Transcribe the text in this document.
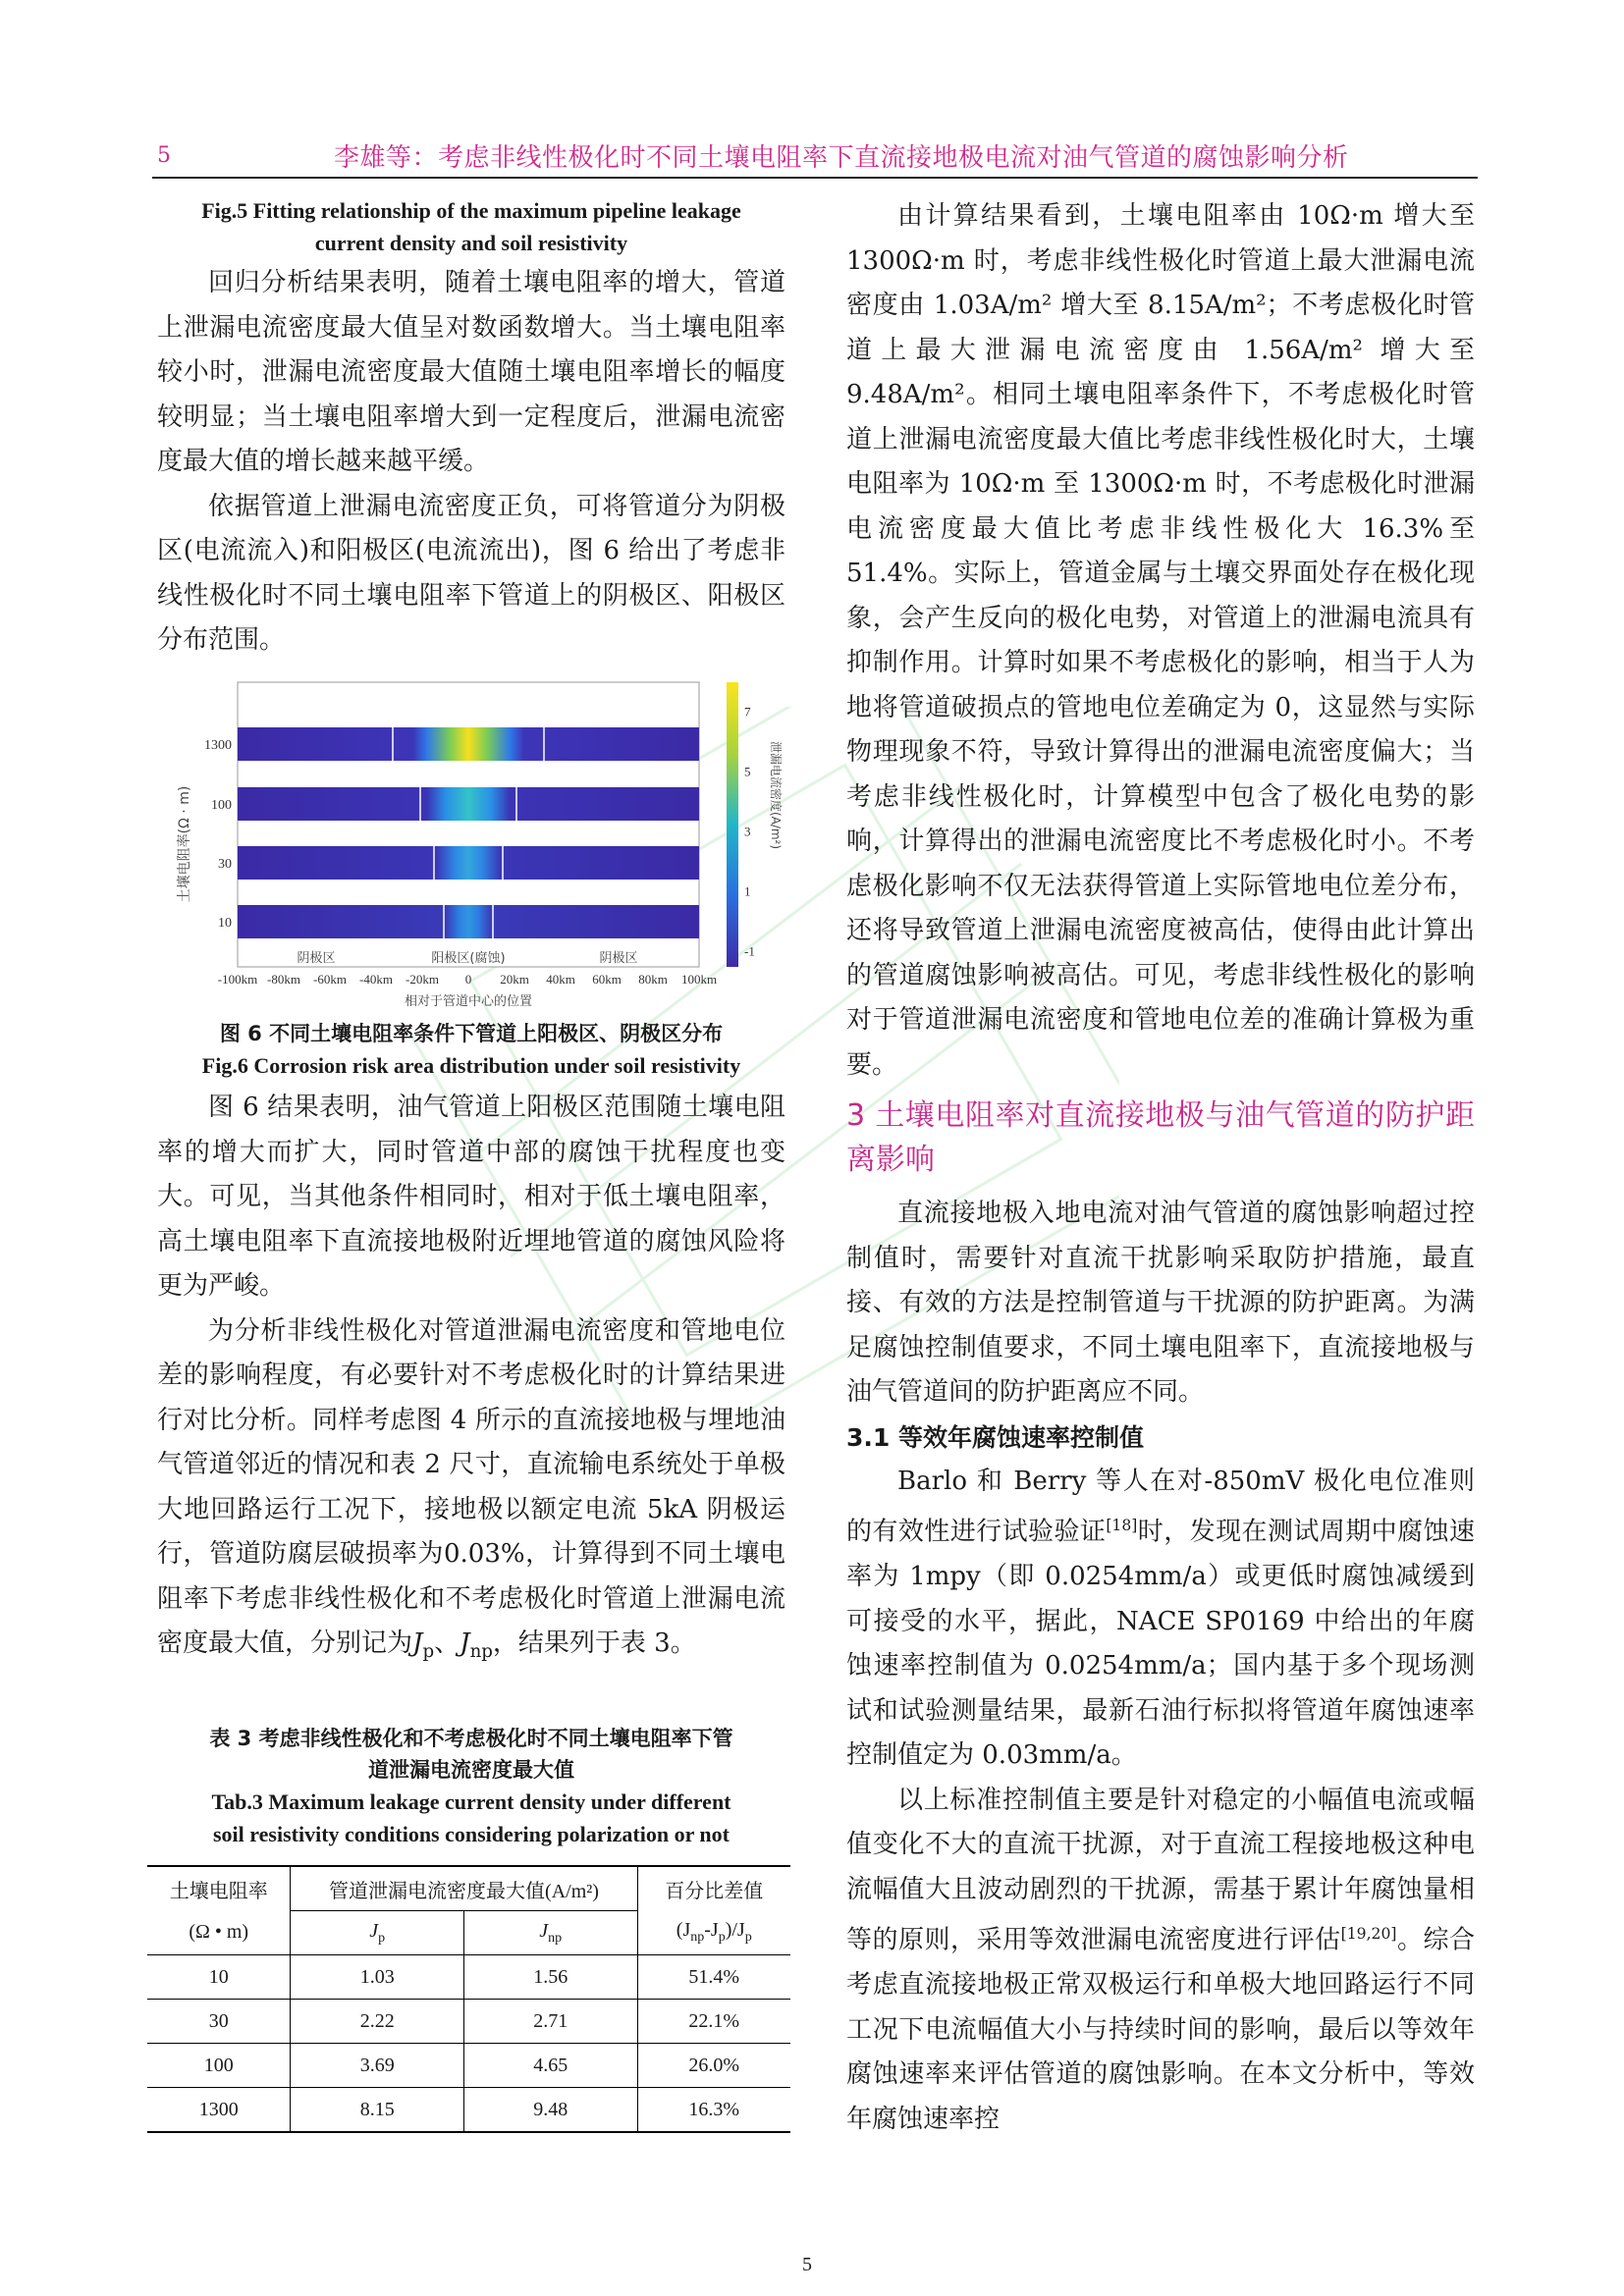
5	李雄等：考虑非线性极化时不同土壤电阻率下直流接地极电流对油气管道的腐蚀影响分析
Fig.5 Fitting relationship of the maximum pipeline leakage
current density and soil resistivity

回归分析结果表明，随着土壤电阻率的增大，管道上泄漏电流密度最大值呈对数函数增大。当土壤电阻率较小时，泄漏电流密度最大值随土壤电阻率增长的幅度较明显；当土壤电阻率增大到一定程度后，泄漏电流密度最大值的增长越来越平缓。

依据管道上泄漏电流密度正负，可将管道分为阴极区(电流流入)和阳极区(电流流出)，图 6 给出了考虑非线性极化时不同土壤电阻率下管道上的阴极区、阳极区分布范围。

1300
100
30
10
土壤电阻率(Ω · m)
阴极区	阳极区(腐蚀)	阴极区
-100km -80km -60km -40km -20km 0 20km 40km 60km 80km 100km
相对于管道中心的位置
7
5
3
1
-1
泄漏电流密度(A/m²)
图 6 不同土壤电阻率条件下管道上阳极区、阴极区分布
Fig.6 Corrosion risk area distribution under soil resistivity

图 6 结果表明，油气管道上阳极区范围随土壤电阻率的增大而扩大，同时管道中部的腐蚀干扰程度也变大。可见，当其他条件相同时，相对于低土壤电阻率，高土壤电阻率下直流接地极附近埋地管道的腐蚀风险将更为严峻。

为分析非线性极化对管道泄漏电流密度和管地电位差的影响程度，有必要针对不考虑极化时的计算结果进行对比分析。同样考虑图 4 所示的直流接地极与埋地油气管道邻近的情况和表 2 尺寸，直流输电系统处于单极大地回路运行工况下，接地极以额定电流 5kA 阴极运行，管道防腐层破损率为0.03%，计算得到不同土壤电阻率下考虑非线性极化和不考虑极化时管道上泄漏电流密度最大值，分别记为$J_p$、$J_{np}$，结果列于表 3。

表 3 考虑非线性极化和不考虑极化时不同土壤电阻率下管
道泄漏电流密度最大值
Tab.3 Maximum leakage current density under different
soil resistivity conditions considering polarization or not
土壤电阻率	管道泄漏电流密度最大值(A/m²)		百分比差值
(Ω • m)	$J_p$	$J_{np}$	$(J_{np}-J_p)/J_p$
10	1.03	1.56	51.4%
30	2.22	2.71	22.1%
100	3.69	4.65	26.0%
1300	8.15	9.48	16.3%

由计算结果看到，土壤电阻率由 10Ω·m 增大至 1300Ω·m 时，考虑非线性极化时管道上最大泄漏电流密度由 1.03A/m² 增大至 8.15A/m²；不考虑极化时管道上最大泄漏电流密度由 1.56A/m² 增大至 9.48A/m²。相同土壤电阻率条件下，不考虑极化时管道上泄漏电流密度最大值比考虑非线性极化时大，土壤电阻率为 10Ω·m 至 1300Ω·m 时，不考虑极化时泄漏电流密度最大值比考虑非线性极化大 16.3%至 51.4%。实际上，管道金属与土壤交界面处存在极化现象，会产生反向的极化电势，对管道上的泄漏电流具有抑制作用。计算时如果不考虑极化的影响，相当于人为地将管道破损点的管地电位差确定为 0，这显然与实际物理现象不符，导致计算得出的泄漏电流密度偏大；当考虑非线性极化时，计算模型中包含了极化电势的影响，计算得出的泄漏电流密度比不考虑极化时小。不考虑极化影响不仅无法获得管道上实际管地电位差分布，还将导致管道上泄漏电流密度被高估，使得由此计算出的管道腐蚀影响被高估。可见，考虑非线性极化的影响对于管道泄漏电流密度和管地电位差的准确计算极为重要。

3 土壤电阻率对直流接地极与油气管道的防护距离影响

直流接地极入地电流对油气管道的腐蚀影响超过控制值时，需要针对直流干扰影响采取防护措施，最直接、有效的方法是控制管道与干扰源的防护距离。为满足腐蚀控制值要求，不同土壤电阻率下，直流接地极与油气管道间的防护距离应不同。

3.1 等效年腐蚀速率控制值

Barlo 和 Berry 等人在对-850mV 极化电位准则的有效性进行试验验证[18]时，发现在测试周期中腐蚀速率为 1mpy（即 0.0254mm/a）或更低时腐蚀减缓到可接受的水平，据此，NACE SP0169 中给出的年腐蚀速率控制值为 0.0254mm/a；国内基于多个现场测试和试验测量结果，最新石油行标拟将管道年腐蚀速率控制值定为 0.03mm/a。

以上标准控制值主要是针对稳定的小幅值电流或幅值变化不大的直流干扰源，对于直流工程接地极这种电流幅值大且波动剧烈的干扰源，需基于累计年腐蚀量相等的原则，采用等效泄漏电流密度进行评估[19,20]。综合考虑直流接地极正常双极运行和单极大地回路运行不同工况下电流幅值大小与持续时间的影响，最后以等效年腐蚀速率来评估管道的腐蚀影响。在本文分析中，等效年腐蚀速率控

5
